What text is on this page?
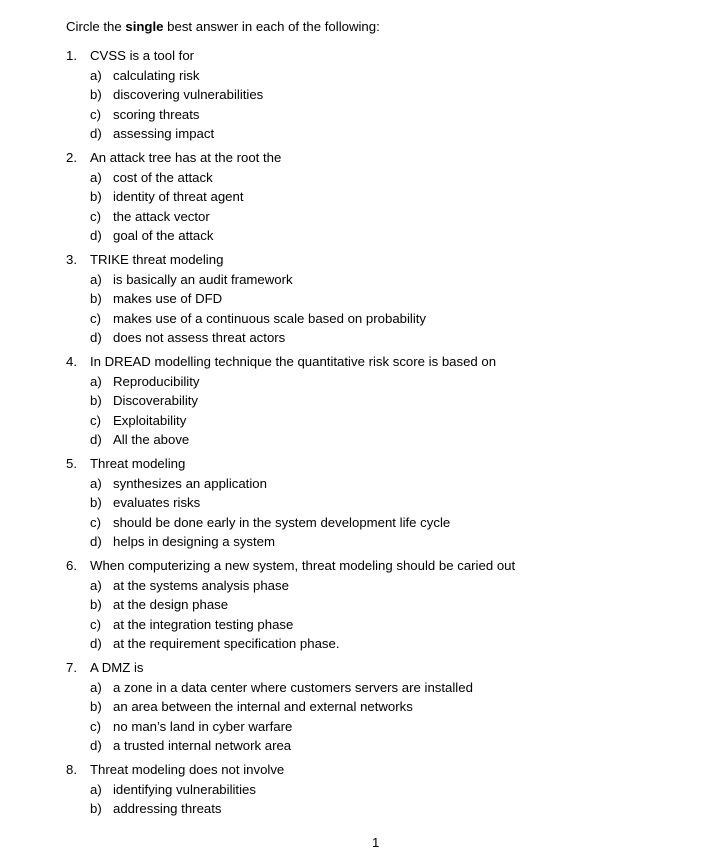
Circle the single best answer in each of the following:
1. CVSS is a tool for
a) calculating risk
b) discovering vulnerabilities
c) scoring threats
d) assessing impact
2. An attack tree has at the root the
a) cost of the attack
b) identity of threat agent
c) the attack vector
d) goal of the attack
3. TRIKE threat modeling
a) is basically an audit framework
b) makes use of DFD
c) makes use of a continuous scale based on probability
d) does not assess threat actors
4. In DREAD modelling technique the quantitative risk score is based on
a) Reproducibility
b) Discoverability
c) Exploitability
d) All the above
5. Threat modeling
a) synthesizes an application
b) evaluates risks
c) should be done early in the system development life cycle
d) helps in designing a system
6. When computerizing a new system, threat modeling should be caried out
a) at the systems analysis phase
b) at the design phase
c) at the integration testing phase
d) at the requirement specification phase.
7. A DMZ is
a) a zone in a data center where customers servers are installed
b) an area between the internal and external networks
c) no man’s land in cyber warfare
d) a trusted internal network area
8. Threat modeling does not involve
a) identifying vulnerabilities
b) addressing threats
1
